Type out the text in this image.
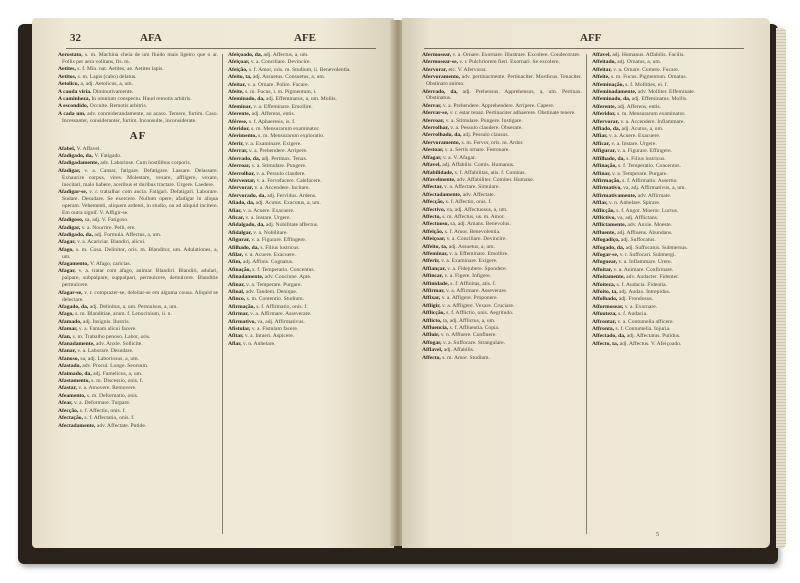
32	AFA	AFE

Aerostato, s. m. Machina cheia de um fluido mais ligeiro que o ar. Follis per aera volitans, fis. m.

Aetites, s. f. Min. nat. Aetites, ae. Aetites lapis.

Aetitos, s. m. Lapis (cabo) delatus.

Aetolico, a, adj. Aetolicus, a, um.

A cauda viria. Diminutivamente.

A caminheza, In omnium conspectu. Haud remotis arbitris.

A escondido, Occulte. Remotis arbitris.

A cada um, adv. conmiderandamente, ao acaso. Temere, furtim. Caso. Incessanter, consideranter, furtim. Inconsulte, inconsiderate.

AF

Afabel, V. Affavel.

Afadigado, da, V. Fatigado.

Afadigadamente, adv. Laboriose. Cum hostilibus corporis.

Afadigar, v. a. Cansar, fatigare. Defatigare. Lassare. Delassare. Exhaurire corpus, vires. Molestare, vexare, affligere, vexare, inecitari, malo habere, aceribus et duribus tractare. Urgere. Laedere.

Afadigar-se, v. r. trabalhar com ancia. Fatigari. Defatigari. Laborare. Sudare. Desudare. Se exercere. Nullum opere, afadigar in aliqua operam. Vehementi, aliquem ardenti, in studio, ou ad aliquid incitere. Em outra signif. V. Affigir-se.

Afadigoso, sa, adj. V. Fatigoso.

Afadigar, v. a. Nourrire. Pelli, ere.

Afadigado, da, adj. Formula. Affectus, a, um.

Afagar, v. a. Acariciar. Blandiri, alicui.

Afago, s. m. Cosa. Delinitor, oris. m. Blanditor, um. Adulationes, a, um.

Afagamento, V. Afago, caricias.

Afagar, v. a. tratar com afago, animar. Blandiri. Blandiri, adulari, palpare, subpalpare, suppalpari, permulcere, demulcere. Blanditie permulcere.

Afagar-se, v. r. comprazer-se, deleitar-se em alguma cousa. Aliquid se delectare.

Afagado, da, adj. Delinitus, a, um. Permulsus, a, um.

Afago, s. m. Blanditiae, arum. f. Lenocinium, ii. n.

Afamado, adj. Insignis. Ilustris.

Afamar, v. a. Famam alicui facere.

Afan, s. m. Trabalho penoso. Labor, oris.

Afanadamente, adv. Anxie. Sollicite.

Afanar, v. a. Laborare. Desudare.

Afanoso, sa, adj. Laboriosus, a, um.

Afastado, adv. Procul. Longe. Seorsum.

Afaimado, da, adj. Famelicus, a, um.

Afastamento, s. m. Discessio, onis. f.

Afastar, v. a. Amovere. Removere.

Afeamento, s. m. Deformatio, onis.

Afear, v. a. Deformare. Turpare.

Afecção, s. f. Affectio, onis. f.

Afectação, s. f. Affectatio, onis. f.

Afectadamente, adv. Affectate. Putide.

Afeiçoado, da, adj. Affectus, a, um.

Afeiçoar, v. a. Conciliare. Devincire.

Afeição, s. f. Amor, oris. m. Studium, ii. Benevolentia.

Afeito, ta, adj. Assuetus. Consuetus, a, um.

Afeitar, v. a. Ornare. Polire. Fucare.

Afeite, s. m. Fucus, i. m. Pigmentum, i.

Afeminado, da, adj. Effeminatus, a, um. Mollis.

Afeminar, v. a. Effeminare. Emollire.

Aferente, adj. Afferens, entis.

Aférese, s. f. Aphaeresis, is. f.

Aferidor, s. m. Mensurarum examinator.

Aferimento, s. m. Mensurarum exploratio.

Aferir, v. a. Examinare. Exigere.

Aferrar, v. a. Prehendere. Arripere.

Aferrado, da, adj. Pertinax. Tenax.

Aferroar, v. a. Stimulare. Pungere.

Aferrolhar, v. a. Pessulo claudere.

Aferventar, v. a. Fervefacere. Calefacere.

Afervorar, v. a. Accendere. Incitare.

Afervorado, da, adj. Fervidus. Ardens.

Afiado, da, adj. Acutus. Exacutus, a, um.

Afiar, v. a. Acuere. Exacuere.

Aficar, v. a. Instare. Urgere.

Afidalgado, da, adj. Nobilitate affectus.

Afidalgar, v. a. Nobilitare.

Afigurar, v. a. Figurare. Effingere.

Afilhado, da, s. Filius lustricus.

Afilar, v. a. Acuere. Exacuere.

Afim, adj. Affinis. Cognatus.

Afinação, s. f. Temperatio. Concentus.

Afinadamente, adv. Concinne. Apte.

Afinar, v. a. Temperare. Purgare.

Afinal, adv. Tandem. Denique.

Afinco, s. m. Contentio. Studium.

Afirmação, s. f. Affirmatio, onis. f.

Afirmar, v. a. Affirmare. Asseverare.

Afirmativo, va, adj. Affirmativus.

Afistular, v. a. Fistulam facere.

Afitar, v. a. Intueri. Aspicere.

Aflar, v. n. Anhelare.

AFF

Afermosear, v. a. Ornare. Exornare. Illustrare. Excolere. Condecorare.

Afermosear-se, v. r. Pulchriorem fieri. Exornari. Se excolere.

Afervorar, etc. V. Afervorar.

Afervoramento, adv. pertinacmente. Pertinaciter. Mordicus. Tenaciter. Obstinato animo.

Aferrado, da, adj. Prehensus. Apprehensus, a, um. Pertinax. Obstinatus.

Aferrar, v. a. Prehendere. Apprehendere. Arripere. Capere.

Aferrar-se, v. r. estar tenaz. Pertinaciter adhaerere. Obstinate tenere.

Aferroar, v. a. Stimulare. Pungere. Instigare.

Aferrolhar, v. a. Pessulo claudere. Obserare.

Aferrolhado, da, adj. Pessulo clausus.

Afervoramento, s. m. Fervor, oris. m. Ardor.

Afestoar, v. a. Sertis ornare. Festonare.

Affagar, v. a. V. Afagar.

Affavel, adj. Affabilis. Comis. Humanus.

Affabilidade, s. f. Affabilitas, atis. f. Comitas.

Affavelmente, adv. Affabiliter. Comiter. Humane.

Affectar, v. a. Affectare. Simulare.

Affectadamente, adv. Affectate.

Affecção, s. f. Affectio, onis. f.

Affectivo, va, adj. Affectuosus, a, um.

Affecto, s. m. Affectus, us. m. Amor.

Affectuoso, sa, adj. Amans. Benevolus.

Affeição, s. f. Amor. Benevolentia.

Affeiçoar, v. a. Conciliare. Devincire.

Affeito, ta, adj. Assuetus, a, um.

Affeminar, v. a. Effeminare. Emollire.

Afferir, v. a. Examinare. Exigere.

Affiançar, v. a. Fidejubere. Spondere.

Affincar, v. a. Figere. Infigere.

Affinidade, s. f. Affinitas, atis. f.

Affirmar, v. a. Affirmare. Asseverare.

Affixar, v. a. Affigere. Proponere.

Affligir, v. a. Affligere. Vexare. Cruciare.

Afflicção, s. f. Afflictio, onis. Aegritudo.

Afflicto, ta, adj. Afflictus, a, um.

Affluencia, s. f. Affluentia. Copia.

Affluir, v. n. Affluere. Confluere.

Affogar, v. a. Suffocare. Strangulare.

Afflavel, adj. Affabilis.

Affecto, s. m. Amor. Studium.

Affavel, adj. Humanus. Affabilis. Facilis.

Affeitado, adj. Ornatus, a, um.

Affeitar, v. a. Ornare. Comere. Fucare.

Affeite, s. m. Fucus. Pigmentum. Ornatus.

Affeminação, s. f. Mollities, ei. f.

Affeminadamente, adv. Molliter. Effeminate.

Affeminado, da, adj. Effeminatus. Mollis.

Afferente, adj. Afferens, entis.

Afferidor, s. m. Mensurarum examinator.

Affervorar, v. a. Accendere. Inflammare.

Affiado, da, adj. Acutus, a, um.

Affiar, v. a. Acuere. Exacuere.

Afficar, v. a. Instare. Urgere.

Affigurar, v. a. Figurare. Effingere.

Affilhado, da, s. Filius lustricus.

Affinação, s. f. Temperatio. Concentus.

Affinar, v. a. Temperare. Purgare.

Affirmação, s. f. Affirmatio. Assertio.

Affirmativo, va, adj. Affirmativus, a, um.

Affirmativamente, adv. Affirmate.

Afflar, v. n. Anhelare. Spirare.

Afflicção, s. f. Angor. Moeror. Luctus.

Afflictivo, va, adj. Afflictans.

Afflictamente, adv. Anxie. Moeste.

Affluente, adj. Affluens. Abundans.

Affogadiço, adj. Suffocatus.

Affogado, da, adj. Suffocatus. Submersus.

Affogar-se, v. r. Suffocari. Submergi.

Affoguear, v. a. Inflammare. Urere.

Affoitar, v. a. Animare. Confirmare.

Affoitamente, adv. Audacter. Fidenter.

Affoiteza, s. f. Audacia. Fidentia.

Affoito, ta, adj. Audax. Intrepidus.

Affolhado, adj. Frondosus.

Afformosear, v. a. Exornare.

Affouteza, s. f. Audacia.

Affrontar, v. a. Contumelia afficere.

Affronta, s. f. Contumelia. Injuria.

Affectado, da, adj. Affectatus. Putidus.

Affecto, ta, adj. Affectus. V. Afeiçoado.

5
